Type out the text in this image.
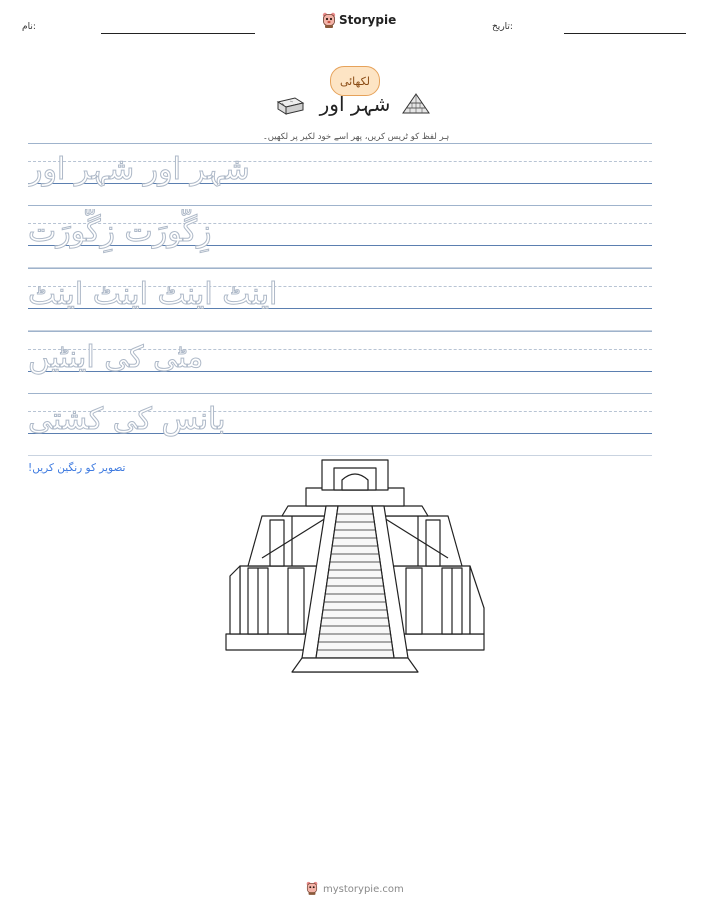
نام:	Storypie	تاریخ:
لکھائی
شہر اور
ہر لفظ کو ٹریس کریں، پھر اسے خود لکیر پر لکھیں۔
شہر اور شہر اور
زِگُّورَت زِگُّورَت
اینٹ اینٹ اینٹ اینٹ
مٹی کی اینٹیں
بانس کی کشتی
تصویر کو رنگین کریں!
mystorypie.com
